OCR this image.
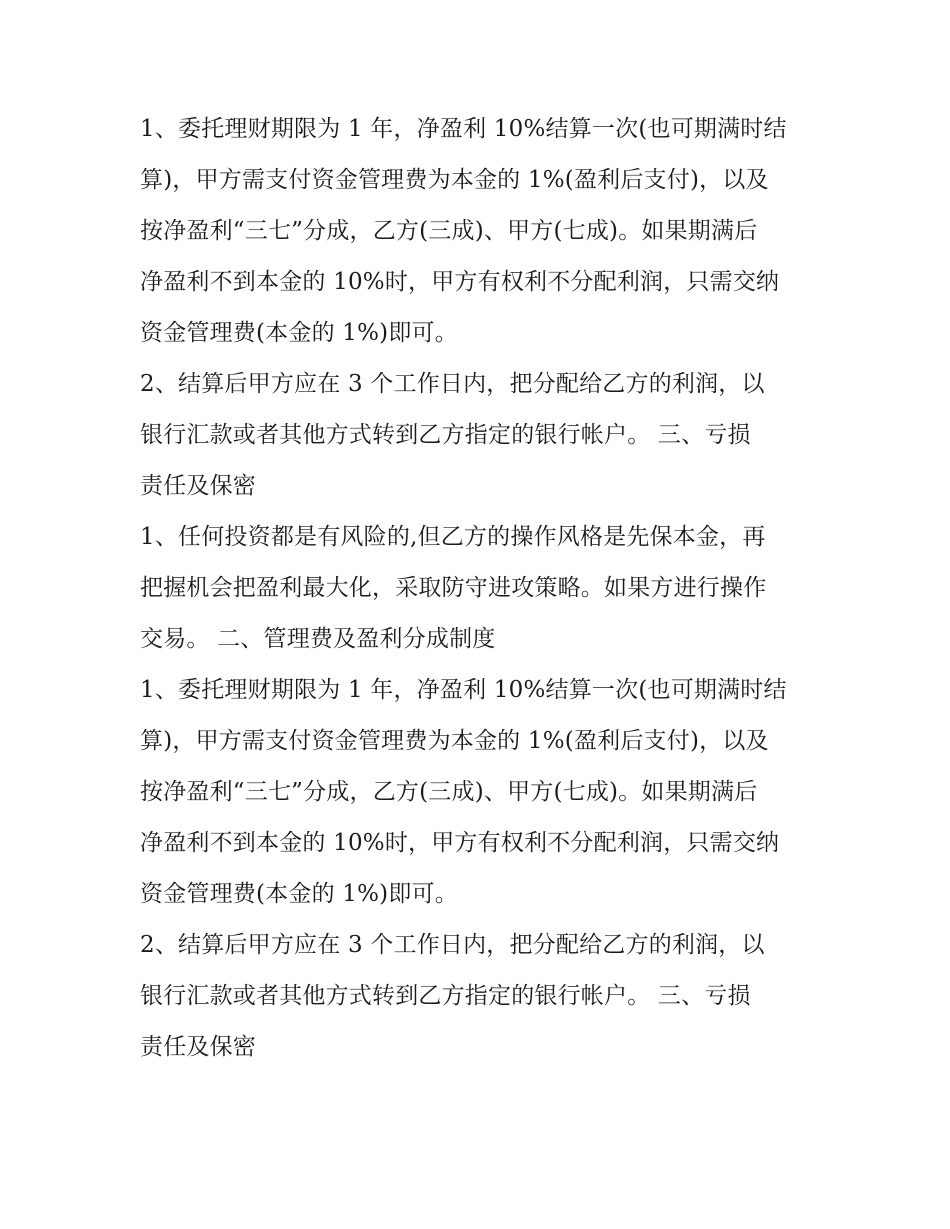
1、委托理财期限为 1 年，净盈利 10%结算一次(也可期满时结
算)，甲方需支付资金管理费为本金的 1%(盈利后支付)，以及
按净盈利“三七”分成，乙方(三成)、甲方(七成)。如果期满后
净盈利不到本金的 10%时，甲方有权利不分配利润，只需交纳
资金管理费(本金的 1%)即可。
2、结算后甲方应在 3 个工作日内，把分配给乙方的利润，以
银行汇款或者其他方式转到乙方指定的银行帐户。 三、亏损
责任及保密
1、任何投资都是有风险的,但乙方的操作风格是先保本金，再
把握机会把盈利最大化，采取防守进攻策略。如果方进行操作
交易。 二、管理费及盈利分成制度
1、委托理财期限为 1 年，净盈利 10%结算一次(也可期满时结
算)，甲方需支付资金管理费为本金的 1%(盈利后支付)，以及
按净盈利“三七”分成，乙方(三成)、甲方(七成)。如果期满后
净盈利不到本金的 10%时，甲方有权利不分配利润，只需交纳
资金管理费(本金的 1%)即可。
2、结算后甲方应在 3 个工作日内，把分配给乙方的利润，以
银行汇款或者其他方式转到乙方指定的银行帐户。 三、亏损
责任及保密
